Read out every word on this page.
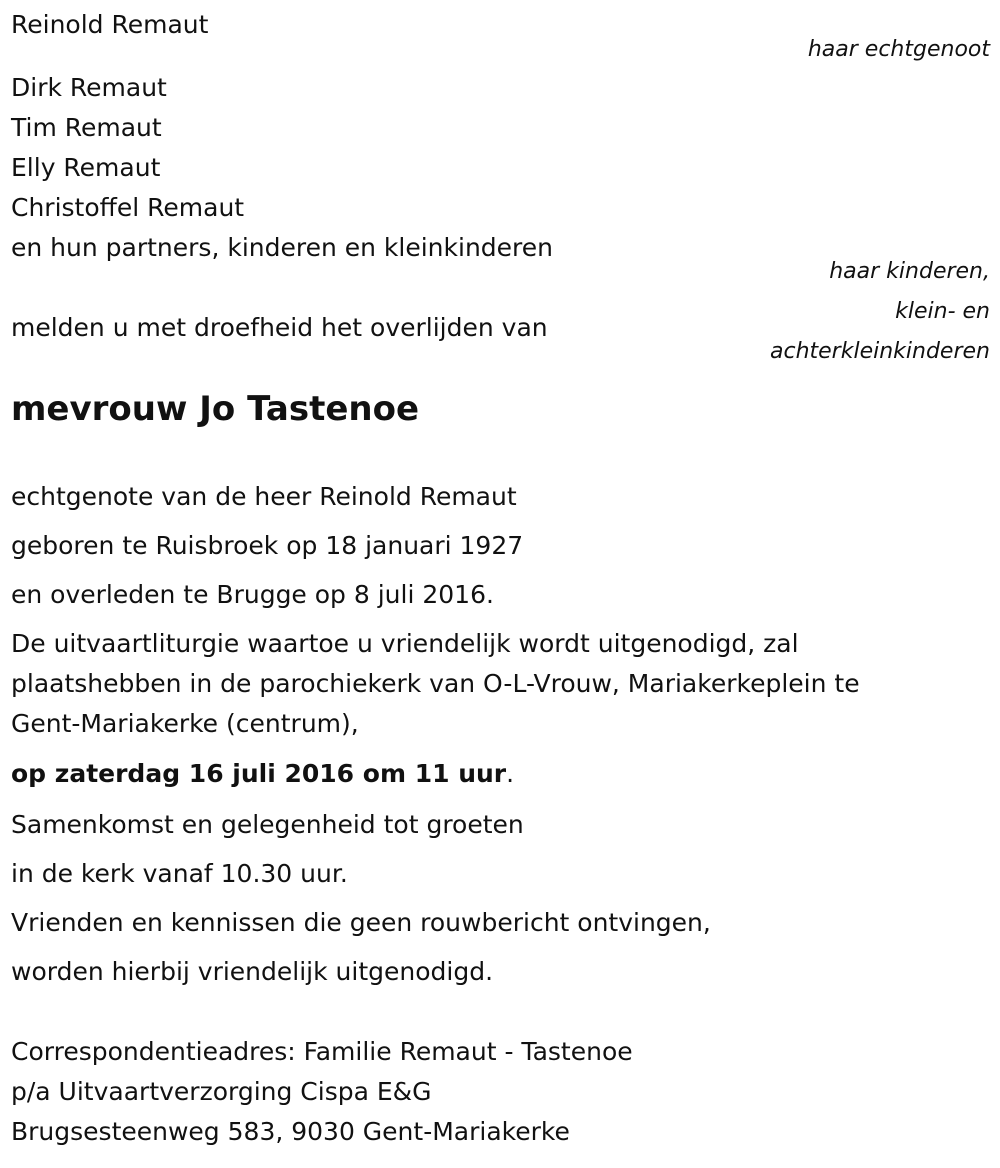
Reinold Remaut
haar echtgenoot
Dirk Remaut
Tim Remaut
Elly Remaut
Christoffel Remaut
en hun partners, kinderen en kleinkinderen
haar kinderen,
klein- en
achterkleinkinderen
melden u met droefheid het overlijden van
mevrouw Jo Tastenoe
echtgenote van de heer Reinold Remaut
geboren te Ruisbroek op 18 januari 1927
en overleden te Brugge op 8 juli 2016.
De uitvaartliturgie waartoe u vriendelijk wordt uitgenodigd, zal
plaatshebben in de parochiekerk van O-L-Vrouw, Mariakerkeplein te
Gent-Mariakerke (centrum),
op zaterdag 16 juli 2016 om 11 uur.
Samenkomst en gelegenheid tot groeten
in de kerk vanaf 10.30 uur.
Vrienden en kennissen die geen rouwbericht ontvingen,
worden hierbij vriendelijk uitgenodigd.
Correspondentieadres: Familie Remaut - Tastenoe
p/a Uitvaartverzorging Cispa E&G
Brugsesteenweg 583, 9030 Gent-Mariakerke
